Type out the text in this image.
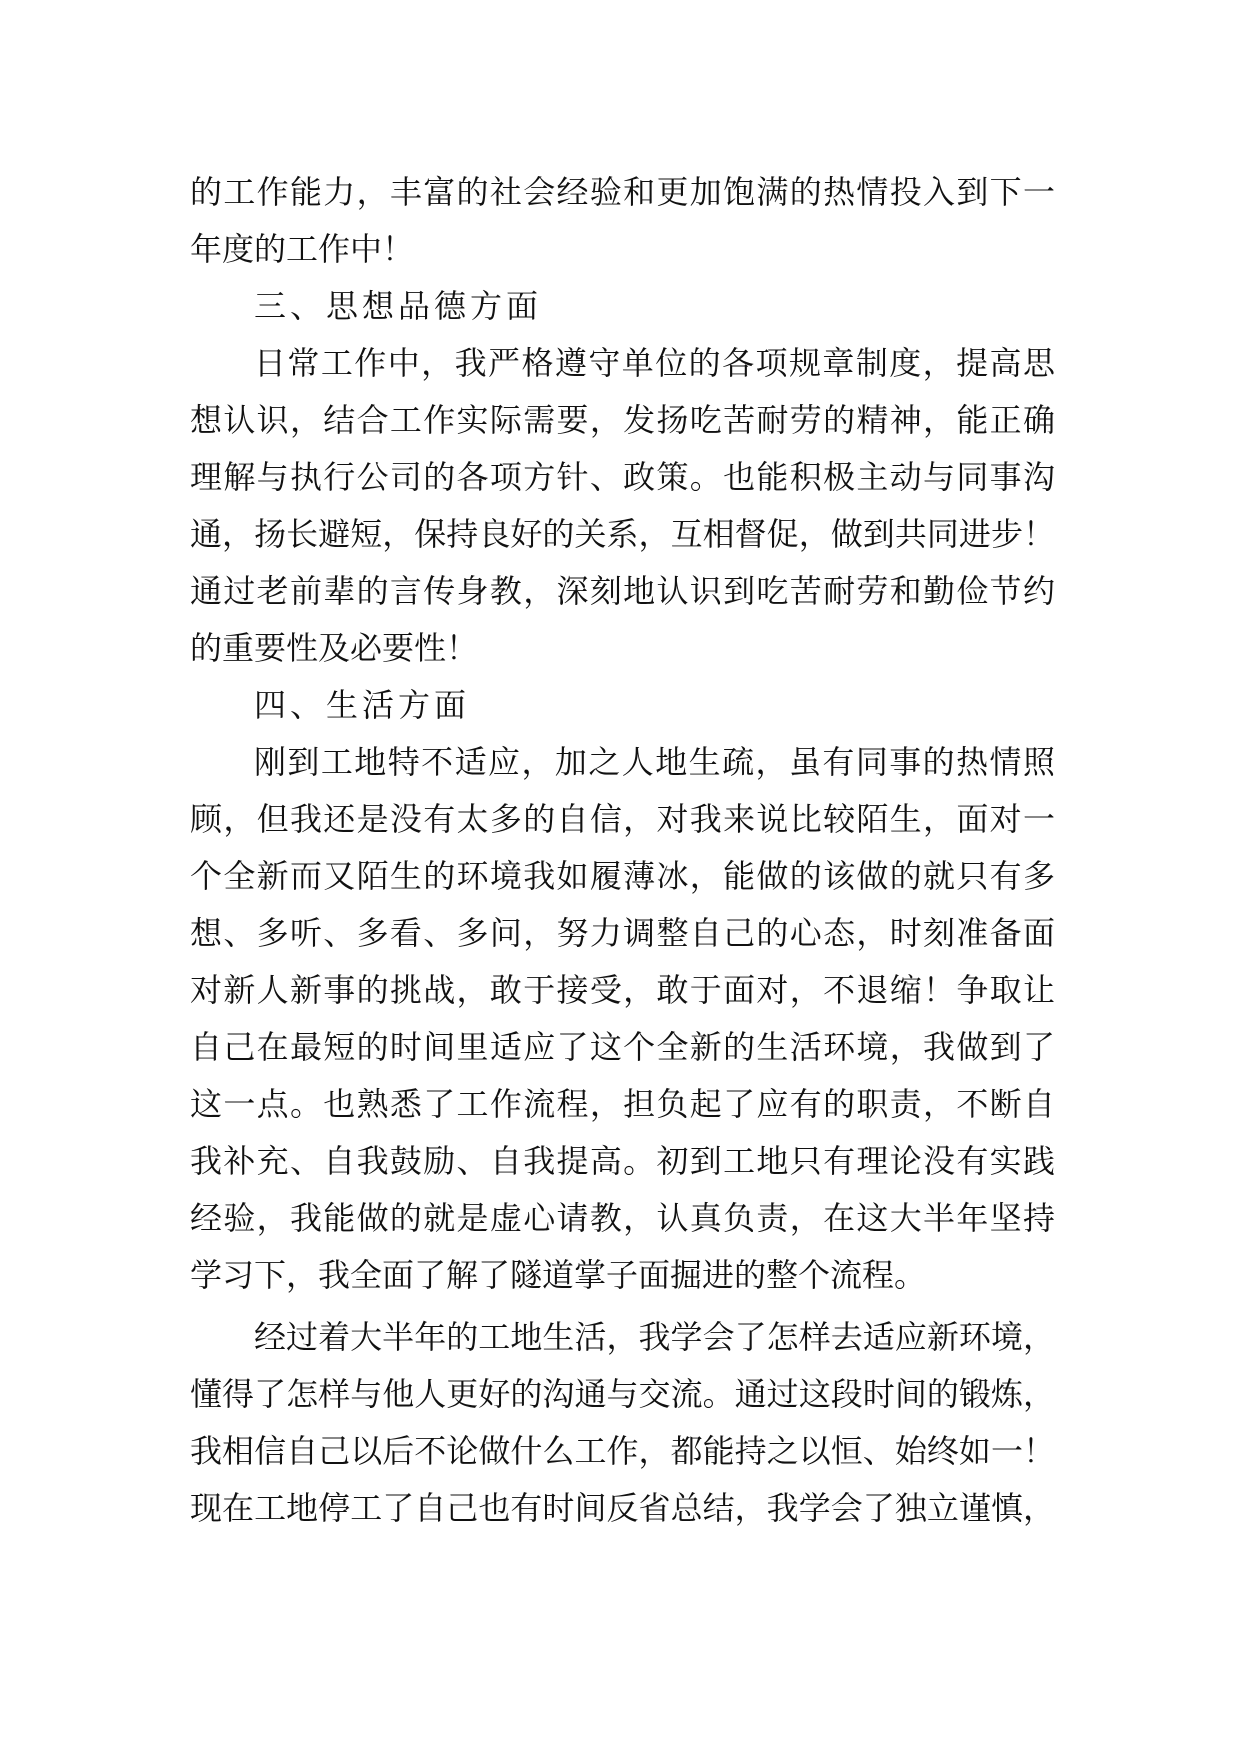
的工作能力，丰富的社会经验和更加饱满的热情投入到下一
年度的工作中！
三、思想品德方面
日常工作中，我严格遵守单位的各项规章制度，提高思
想认识，结合工作实际需要，发扬吃苦耐劳的精神，能正确
理解与执行公司的各项方针、政策。也能积极主动与同事沟
通，扬长避短，保持良好的关系，互相督促，做到共同进步！
通过老前辈的言传身教，深刻地认识到吃苦耐劳和勤俭节约
的重要性及必要性！
四、生活方面
刚到工地特不适应，加之人地生疏，虽有同事的热情照
顾，但我还是没有太多的自信，对我来说比较陌生，面对一
个全新而又陌生的环境我如履薄冰，能做的该做的就只有多
想、多听、多看、多问，努力调整自己的心态，时刻准备面
对新人新事的挑战，敢于接受，敢于面对，不退缩！争取让
自己在最短的时间里适应了这个全新的生活环境，我做到了
这一点。也熟悉了工作流程，担负起了应有的职责，不断自
我补充、自我鼓励、自我提高。初到工地只有理论没有实践
经验，我能做的就是虚心请教，认真负责，在这大半年坚持
学习下，我全面了解了隧道掌子面掘进的整个流程。
经过着大半年的工地生活，我学会了怎样去适应新环境，
懂得了怎样与他人更好的沟通与交流。通过这段时间的锻炼，
我相信自己以后不论做什么工作，都能持之以恒、始终如一！
现在工地停工了自己也有时间反省总结，我学会了独立谨慎，
